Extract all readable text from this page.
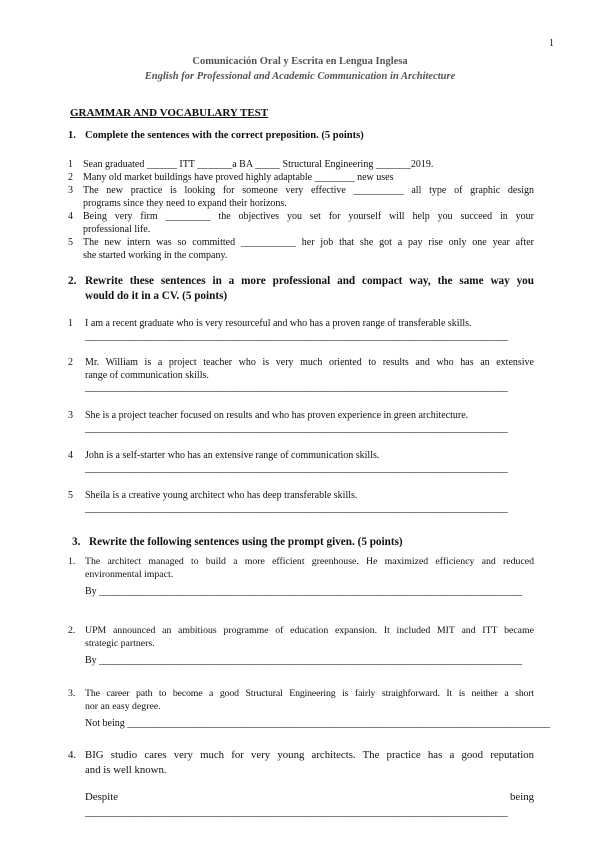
1
Comunicación Oral y Escrita en Lengua Inglesa
English for Professional and Academic Communication in Architecture
GRAMMAR AND VOCABULARY TEST
1. Complete the sentences with the correct preposition. (5 points)
1	Sean graduated ______ ITT _______a BA _____ Structural Engineering _______2019.
2	Many old market buildings have proved highly adaptable ________ new uses
3	The new practice is looking for someone very effective __________ all type of graphic design
programs since they need to expand their horizons.
4	Being very firm _________ the objectives you set for yourself will help you succeed in your
professional life.
5	The new intern was so committed ___________ her job that she got a pay rise only one year after
she started working in the company.
2. Rewrite these sentences in a more professional and compact way, the same way you
would do it in a CV. (5 points)
1	I am a recent graduate who is very resourceful and who has a proven range of transferable skills.
________________________________________________________________________________________________
2	Mr. William is a project teacher who is very much oriented to results and who has an extensive
range of communication skills.
________________________________________________________________________________________________
3	She is a project teacher focused on results and who has proven experience in green architecture.
________________________________________________________________________________________________
4	John is a self-starter who has an extensive range of communication skills.
________________________________________________________________________________________________
5	Sheila is a creative young architect who has deep transferable skills.
________________________________________________________________________________________________
3. Rewrite the following sentences using the prompt given. (5 points)
1. The architect managed to build a more efficient greenhouse. He maximized efficiency and reduced
environmental impact.
By ________________________________________________________________________________________________
2. UPM announced an ambitious programme of education expansion. It included MIT and ITT became
strategic partners.
By ________________________________________________________________________________________________
3. The career path to become a good Structural Engineering is fairly straighforward. It is neither a short
nor an easy degree.
Not being ________________________________________________________________________________________________
4. BIG studio cares very much for very young architects. The practice has a good reputation
and is well known.
Despite	being
________________________________________________________________________________________________
